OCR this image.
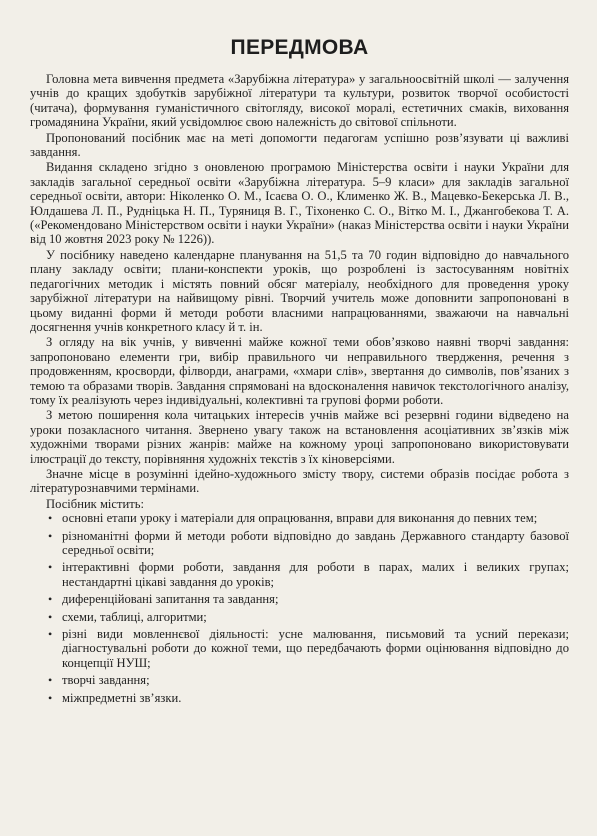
ПЕРЕДМОВА

Головна мета вивчення предмета «Зарубіжна література» у загальноосвітній школі — залучення учнів до кращих здобутків зарубіжної літератури та культури, розвиток творчої особистості (читача), формування гуманістичного світогляду, високої моралі, естетичних смаків, виховання громадянина України, який усвідомлює свою належність до світової спільноти.

Пропонований посібник має на меті допомогти педагогам успішно розв’язувати ці важливі завдання.

Видання складено згідно з оновленою програмою Міністерства освіти і науки України для закладів загальної середньої освіти «Зарубіжна література. 5–9 класи» для закладів загальної середньої освіти, автори: Ніколенко О. М., Ісаєва О. О., Клименко Ж. В., Мацевко-Бекерська Л. В., Юлдашева Л. П., Рудніцька Н. П., Туряниця В. Г., Тіхоненко С. О., Вітко М. І., Джангобекова Т. А. («Рекомендовано Міністерством освіти і науки України» (наказ Міністерства освіти і науки України від 10 жовтня 2023 року № 1226)).

У посібнику наведено календарне планування на 51,5 та 70 годин відповідно до навчального плану закладу освіти; плани-конспекти уроків, що розроблені із застосуванням новітніх педагогічних методик і містять повний обсяг матеріалу, необхідного для проведення уроку зарубіжної літератури на найвищому рівні. Творчий учитель може доповнити запропоновані в цьому виданні форми й методи роботи власними напрацюваннями, зважаючи на навчальні досягнення учнів конкретного класу й т. ін.

З огляду на вік учнів, у вивченні майже кожної теми обов’язково наявні творчі завдання: запропоновано елементи гри, вибір правильного чи неправильного твердження, речення з продовженням, кросворди, філворди, анаграми, «хмари слів», звертання до символів, пов’язаних з темою та образами творів. Завдання спрямовані на вдосконалення навичок текстологічного аналізу, тому їх реалізують через індивідуальні, колективні та групові форми роботи.

З метою поширення кола читацьких інтересів учнів майже всі резервні години відведено на уроки позакласного читання. Звернено увагу також на встановлення асоціативних зв’язків між художніми творами різних жанрів: майже на кожному уроці запропоновано використовувати ілюстрації до тексту, порівняння художніх текстів з їх кіноверсіями.

Значне місце в розумінні ідейно-художнього змісту твору, системи образів посідає робота з літературознавчими термінами.

Посібник містить:

• основні етапи уроку і матеріали для опрацювання, вправи для виконання до певних тем;
• різноманітні форми й методи роботи відповідно до завдань Державного стандарту базової середньої освіти;
• інтерактивні форми роботи, завдання для роботи в парах, малих і великих групах; нестандартні цікаві завдання до уроків;
• диференційовані запитання та завдання;
• схеми, таблиці, алгоритми;
• різні види мовленнєвої діяльності: усне малювання, письмовий та усний перекази; діагностувальні роботи до кожної теми, що передбачають форми оцінювання відповідно до концепції НУШ;
• творчі завдання;
• міжпредметні зв’язки.
